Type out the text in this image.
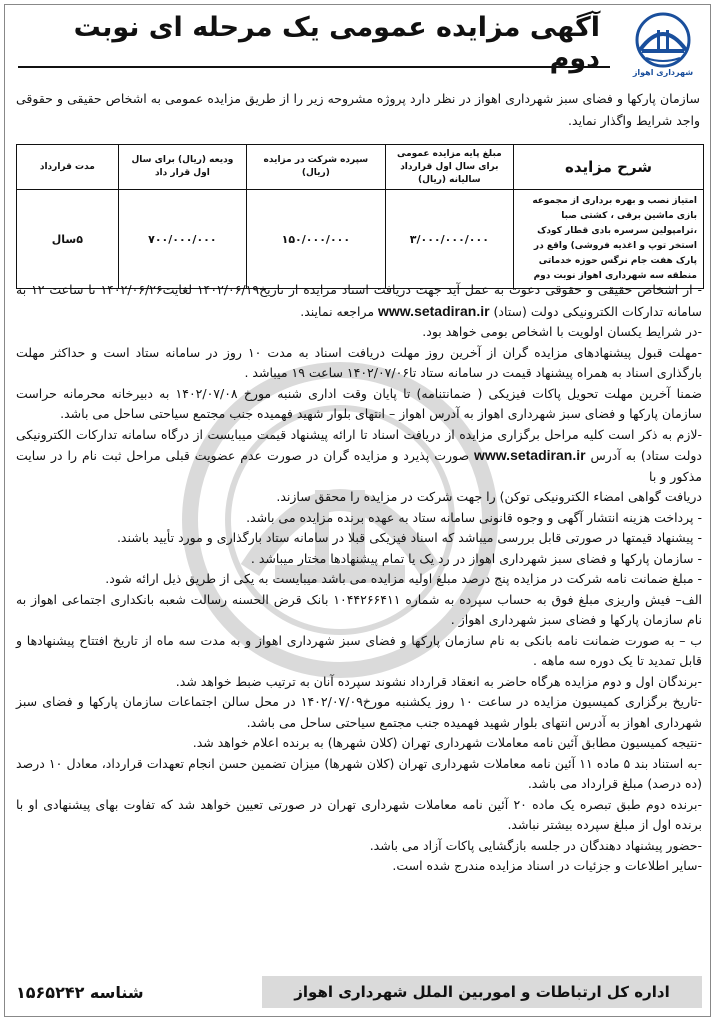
شهرداری اهواز
آگهی مزایده عمومی یک مرحله ای نوبت دوم
سازمان پارکها و فضای سبز شهرداری اهواز در نظر دارد پروژه مشروحه زیر را از طریق مزایده عمومی به اشخاص حقیقی و حقوقی واجد شرایط واگذار نماید.
شرح مزایده	مبلغ پایه مزایده عمومی برای سال اول قرارداد سالیانه (ریال)	سپرده شرکت در مزایده (ریال)	ودیعه (ریال) برای سال اول قرار داد	مدت قرارداد
امتیاز نصب و بهره برداری از مجموعه بازی ماشین برقی ، کشتی صبا ،ترامپولین سرسره بادی قطار کودک استخر توپ و اغذیه فروشی) واقع در پارک هفت جام نرگس حوزه خدماتی منطقه سه شهرداری اهواز نوبت دوم	۳/۰۰۰/۰۰۰/۰۰۰	۱۵۰/۰۰۰/۰۰۰	۷۰۰/۰۰۰/۰۰۰	۵سال

- از اشخاص حقیقی و حقوقی دعوت به عمل آید جهت دریافت اسناد مزایده از تاریخ۱۴۰۲/۰۶/۱۹ لغایت۱۴۰۲/۰۶/۲۶ تا ساعت ۱۲ به سامانه تدارکات الکترونیکی دولت (ستاد) www.setadiran.ir مراجعه نمایند.

-در شرایط یکسان اولویت با اشخاص بومی خواهد بود.

-مهلت قبول پیشنهادهای مزایده گران از آخرین روز مهلت دریافت اسناد به مدت ۱۰ روز در سامانه ستاد است و حداکثر مهلت بارگذاری اسناد به همراه پیشنهاد قیمت در سامانه ستاد تا۱۴۰۲/۰۷/۰۶ ساعت ۱۹ میباشد .

ضمنا آخرین مهلت تحویل پاکات فیزیکی ( ضمانتنامه) تا پایان وقت اداری شنبه مورخ ۱۴۰۲/۰۷/۰۸ به دبیرخانه محرمانه حراست سازمان پارکها و فضای سبز شهرداری اهواز به آدرس اهواز – انتهای بلوار شهید فهمیده جنب مجتمع سیاحتی ساحل می باشد.

-لازم به ذکر است کلیه مراحل برگزاری مزایده از دریافت اسناد تا ارائه پیشنهاد قیمت میبایست از درگاه سامانه تدارکات الکترونیکی دولت ستاد) به آدرس www.setadiran.ir صورت پذیرد و مزایده گران در صورت عدم عضویت قبلی مراحل ثبت نام را در سایت مذکور و با

دریافت گواهی امضاء الکترونیکی توکن) را جهت شرکت در مزایده را محقق سازند.

- پرداخت هزینه انتشار آگهی و وجوه قانونی سامانه ستاد به عهده برنده مزایده می باشد.

- پیشنهاد قیمتها در صورتی قابل بررسی میباشد که اسناد فیزیکی قبلا در سامانه ستاد بارگذاری و مورد تأیید باشند.

- سازمان پارکها و فضای سبز شهرداری اهواز در رد یک یا تمام پیشنهادها مختار میباشد .

- مبلغ ضمانت نامه شرکت در مزایده پنج درصد مبلغ اولیه مزایده می باشد میبایست به یکی از طریق ذیل ارائه شود.

الف– فیش واریزی مبلغ فوق به حساب سپرده به شماره ۱۰۴۴۲۶۶۴۱۱ بانک قرض الحسنه رسالت شعبه بانکداری اجتماعی اهواز به نام سازمان پارکها و فضای سبز شهرداری اهواز .

ب – به صورت ضمانت نامه بانکی به نام سازمان پارکها و فضای سبز شهرداری اهواز و به مدت سه ماه از تاریخ افتتاح پیشنهادها و قابل تمدید تا یک دوره سه ماهه .

-برندگان اول و دوم مزایده هرگاه حاضر به انعقاد قرارداد نشوند سپرده آنان به ترتیب ضبط خواهد شد.

-تاریخ برگزاری کمیسیون مزایده در ساعت ۱۰ روز یکشنبه مورخ۱۴۰۲/۰۷/۰۹ در محل سالن اجتماعات سازمان پارکها و فضای سبز شهرداری اهواز به آدرس انتهای بلوار شهید فهمیده جنب مجتمع سیاحتی ساحل می باشد.

-نتیجه کمیسیون مطابق آئین نامه معاملات شهرداری تهران (کلان شهرها) به برنده اعلام خواهد شد.

-به استناد بند ۵ ماده ۱۱ آئین نامه معاملات شهرداری تهران (کلان شهرها) میزان تضمین حسن انجام تعهدات قرارداد، معادل ۱۰ درصد (ده درصد) مبلغ قرارداد می باشد.

-برنده دوم طبق تبصره یک ماده ۲۰ آئین نامه معاملات شهرداری تهران در صورتی تعیین خواهد شد که تفاوت بهای پیشنهادی او با برنده اول از مبلغ سپرده بیشتر نباشد.

-حضور پیشنهاد دهندگان در جلسه بازگشایی پاکات آزاد می باشد.

-سایر اطلاعات و جزئیات در اسناد مزایده مندرج شده است.

اداره کل ارتباطات و اموربین الملل شهرداری اهواز
شناسه ۱۵۶۵۲۴۲
